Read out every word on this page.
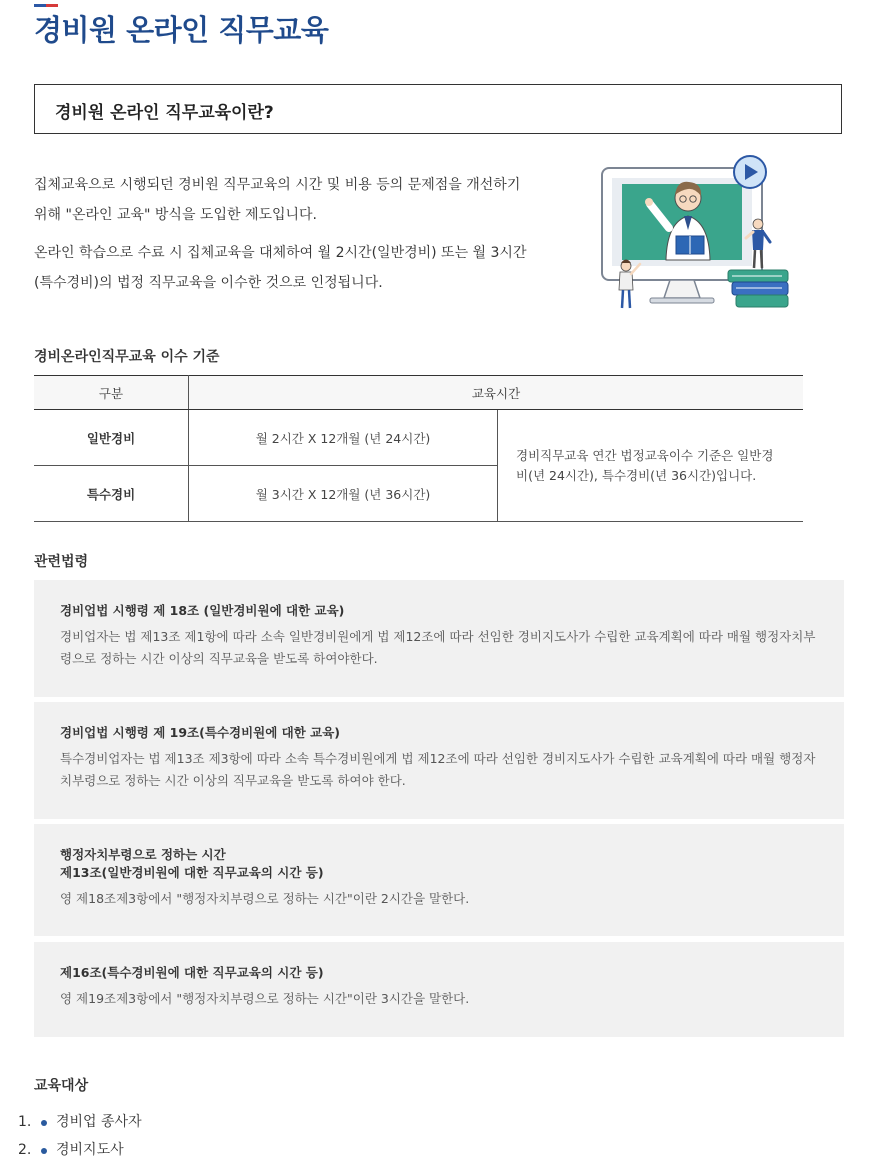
경비원 온라인 직무교육
경비원 온라인 직무교육이란?

집체교육으로 시행되던 경비원 직무교육의 시간 및 비용 등의 문제점을 개선하기 위해 "온라인 교육" 방식을 도입한 제도입니다.

온라인 학습으로 수료 시 집체교육을 대체하여 월 2시간(일반경비) 또는 월 3시간(특수경비)의 법정 직무교육을 이수한 것으로 인정됩니다.

경비온라인직무교육 이수 기준
구분	교육시간	
일반경비	월 2시간 X 12개월 (년 24시간)	경비직무교육 연간 법정교육이수 기준은 일반경비(년 24시간), 특수경비(년 36시간)입니다.
특수경비	월 3시간 X 12개월 (년 36시간)	
관련법령

경비업법 시행령 제 18조 (일반경비원에 대한 교육)

경비업자는 법 제13조 제1항에 따라 소속 일반경비원에게 법 제12조에 따라 선임한 경비지도사가 수립한 교육계획에 따라 매월 행정자치부령으로 정하는 시간 이상의 직무교육을 받도록 하여야한다.

경비업법 시행령 제 19조(특수경비원에 대한 교육)

특수경비업자는 법 제13조 제3항에 따라 소속 특수경비원에게 법 제12조에 따라 선임한 경비지도사가 수립한 교육계획에 따라 매월 행정자치부령으로 정하는 시간 이상의 직무교육을 받도록 하여야 한다.

행정자치부령으로 정하는 시간

제13조(일반경비원에 대한 직무교육의 시간 등)

영 제18조제3항에서 "행정자치부령으로 정하는 시간"이란 2시간을 말한다.

제16조(특수경비원에 대한 직무교육의 시간 등)

영 제19조제3항에서 "행정자치부령으로 정하는 시간"이란 3시간을 말한다.

교육대상
1. 경비업 종사자
2. 경비지도사
